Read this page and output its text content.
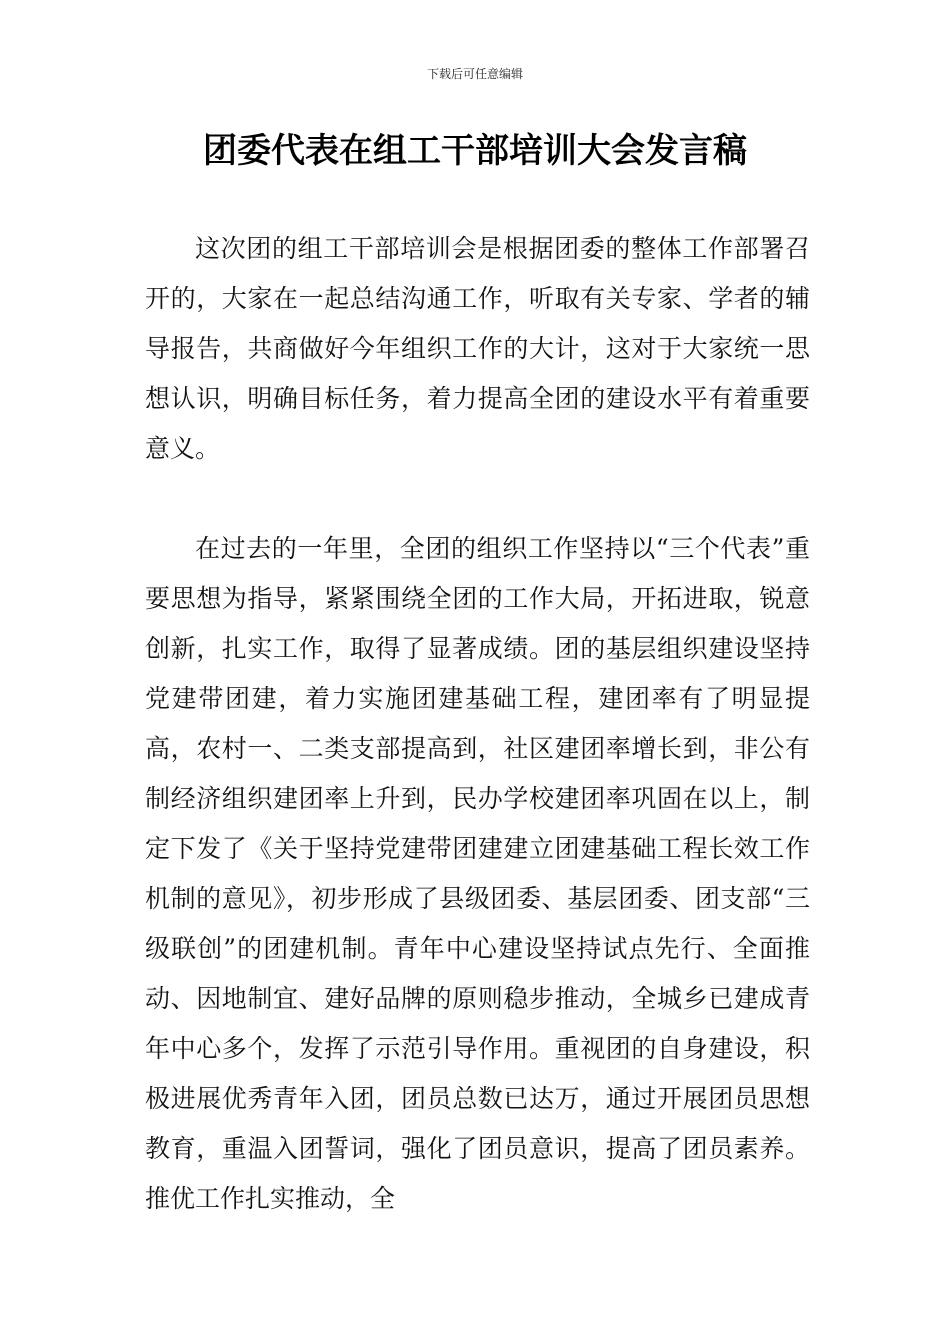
下载后可任意编辑
团委代表在组工干部培训大会发言稿

这次团的组工干部培训会是根据团委的整体工作部署召开的，大家在一起总结沟通工作，听取有关专家、学者的辅导报告，共商做好今年组织工作的大计，这对于大家统一思想认识，明确目标任务，着力提高全团的建设水平有着重要意义。

在过去的一年里，全团的组织工作坚持以“三个代表”重要思想为指导，紧紧围绕全团的工作大局，开拓进取，锐意创新，扎实工作，取得了显著成绩。团的基层组织建设坚持党建带团建，着力实施团建基础工程，建团率有了明显提高，农村一、二类支部提高到，社区建团率增长到，非公有制经济组织建团率上升到，民办学校建团率巩固在以上，制定下发了《关于坚持党建带团建建立团建基础工程长效工作机制的意见》，初步形成了县级团委、基层团委、团支部“三级联创”的团建机制。青年中心建设坚持试点先行、全面推动、因地制宜、建好品牌的原则稳步推动，全城乡已建成青年中心多个，发挥了示范引导作用。重视团的自身建设，积极进展优秀青年入团，团员总数已达万，通过开展团员思想教育，重温入团誓词，强化了团员意识，提高了团员素养。推优工作扎实推动，全
